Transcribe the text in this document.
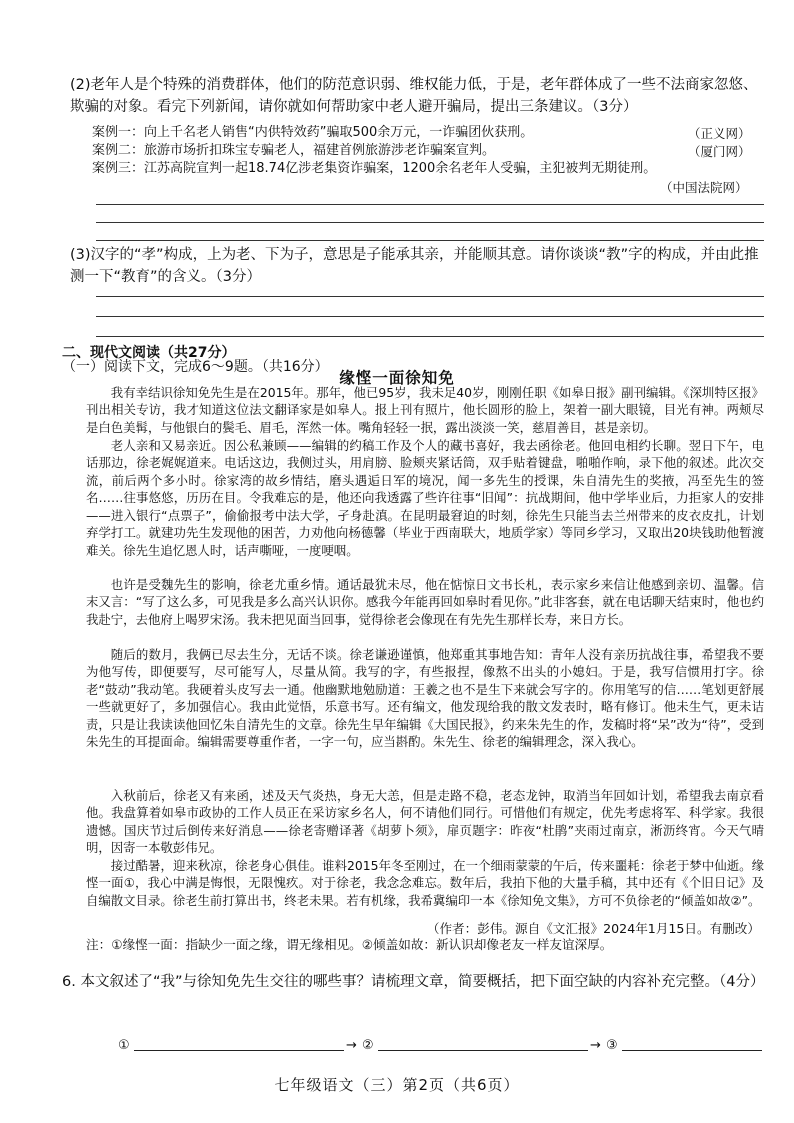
(2)老年人是个特殊的消费群体，他们的防范意识弱、维权能力低，于是，老年群体成了一些不法商家忽悠、欺骗的对象。看完下列新闻，请你就如何帮助家中老人避开骗局，提出三条建议。（3分）

案例一：向上千名老人销售“内供特效药”骗取500余万元，一诈骗团伙获刑。	（正义网）
案例二：旅游市场折扣珠宝专骗老人，福建首例旅游涉老诈骗案宣判。	（厦门网）
案例三：江苏高院宣判一起18.74亿涉老集资诈骗案，1200余名老年人受骗，主犯被判无期徒刑。
（中国法院网）

(3)汉字的“孝”构成，上为老、下为子，意思是子能承其亲，并能顺其意。请你谈谈“教”字的构成，并由此推测一下“教育”的含义。（3分）

二、现代文阅读（共27分）
（一）阅读下文，完成6～9题。（共16分）
缘悭一面徐知免

我有幸结识徐知免先生是在2015年。那年，他已95岁，我未足40岁，刚刚任职《如皋日报》副刊编辑。《深圳特区报》刊出相关专访，我才知道这位法文翻译家是如皋人。报上刊有照片，他长圆形的脸上，架着一副大眼镜，目光有神。两颊尽是白色美髯，与他银白的鬓毛、眉毛，浑然一体。嘴角轻轻一抿，露出淡淡一笑，慈眉善目，甚是亲切。

老人亲和又易亲近。因公私兼顾——编辑的约稿工作及个人的藏书喜好，我去函徐老。他回电相约长聊。翌日下午，电话那边，徐老娓娓道来。电话这边，我侧过头，用肩膀、脸颊夹紧话筒，双手贴着键盘，啪啪作响，录下他的叙述。此次交流，前后两个多小时。徐家湾的故乡情结，磨头遇逅日军的境况，闻一多先生的授课，朱自清先生的奖掖，冯至先生的签名……往事悠悠，历历在目。令我难忘的是，他还向我透露了些许往事“旧闻”：抗战期间，他中学毕业后，力拒家人的安排——进入银行“点票子”，偷偷报考中法大学，孑身赴滇。在昆明最窘迫的时刻，徐先生只能当去兰州带来的皮衣皮扎，计划弃学打工。就建功先生发现他的困苦，力劝他向杨德馨（毕业于西南联大，地质学家）等同乡学习，又取出20块钱助他暂渡难关。徐先生追忆恩人时，话声嘶哑，一度哽咽。

也许是受魏先生的影响，徐老尤重乡情。通话最犹未尽，他在惦惊日文书长札，表示家乡来信让他感到亲切、温馨。信末又言：“写了这么多，可见我是多么高兴认识你。感我今年能再回如皋时看见你。”此非客套，就在电话聊天结束时，他也约我赴宁，去他府上喝罗宋汤。我未把见面当回事，觉得徐老会像现在有先先生那样长寿，来日方长。

随后的数月，我俩已尽去生分，无话不谈。徐老谦逊谨慎，他郑重其事地告知：青年人没有亲历抗战往事，希望我不要为他写传，即便要写，尽可能写人，尽量从简。我写的字，有些报捏，像熬不出头的小媳妇。于是，我写信惯用打字。徐老“鼓动”我动笔。我硬着头皮写去一通。他幽默地勉励道：王羲之也不是生下来就会写字的。你用笔写的信……笔划更舒展一些就更好了，多加强信心。我由此觉悟，乐意书写。还有编文，他发现给我的散文发表时，略有修订。他未生气，更未诘责，只是让我读读他回忆朱自清先生的文章。徐先生早年编辑《大国民报》，约来朱先生的作，发稿时将“呆”改为“待”，受到朱先生的耳提面命。编辑需要尊重作者，一字一句，应当斟酌。朱先生、徐老的编辑理念，深入我心。

入秋前后，徐老又有来函，述及天气炎热，身无大恙，但是走路不稳，老态龙钟，取消当年回如计划，希望我去南京看他。我盘算着如皋市政协的工作人员正在采访家乡名人，何不请他们同行。可惜他们有规定，优先考虑将军、科学家。我很遗憾。国庆节过后倒传来好消息——徐老寄赠译著《胡萝卜须》，扉页题字：昨夜“杜鹃”夹雨过南京，淅沥终宵。今天气晴明，因寄一本敬彭伟兄。

接过酷暑，迎来秋凉，徐老身心俱佳。谁料2015年冬至刚过，在一个细雨蒙蒙的午后，传来噩耗：徐老于梦中仙逝。缘悭一面①，我心中满是悔恨，无限愧疚。对于徐老，我念念难忘。数年后，我拍下他的大量手稿，其中还有《个旧日记》及自编散文目录。徐老生前打算出书，终老未果。若有机缘，我希冀编印一本《徐知免文集》，方可不负徐老的“倾盖如故②”。

（作者：彭伟。源自《文汇报》2024年1月15日。有删改）
注：①缘悭一面：指缺少一面之缘，谓无缘相见。②倾盖如故：新认识却像老友一样友谊深厚。
6. 本文叙述了“我”与徐知免先生交往的哪些事？请梳理文章，简要概括，把下面空缺的内容补充完整。（4分）
①	→ ②	→ ③
七年级语文（三）第2页（共6页）
